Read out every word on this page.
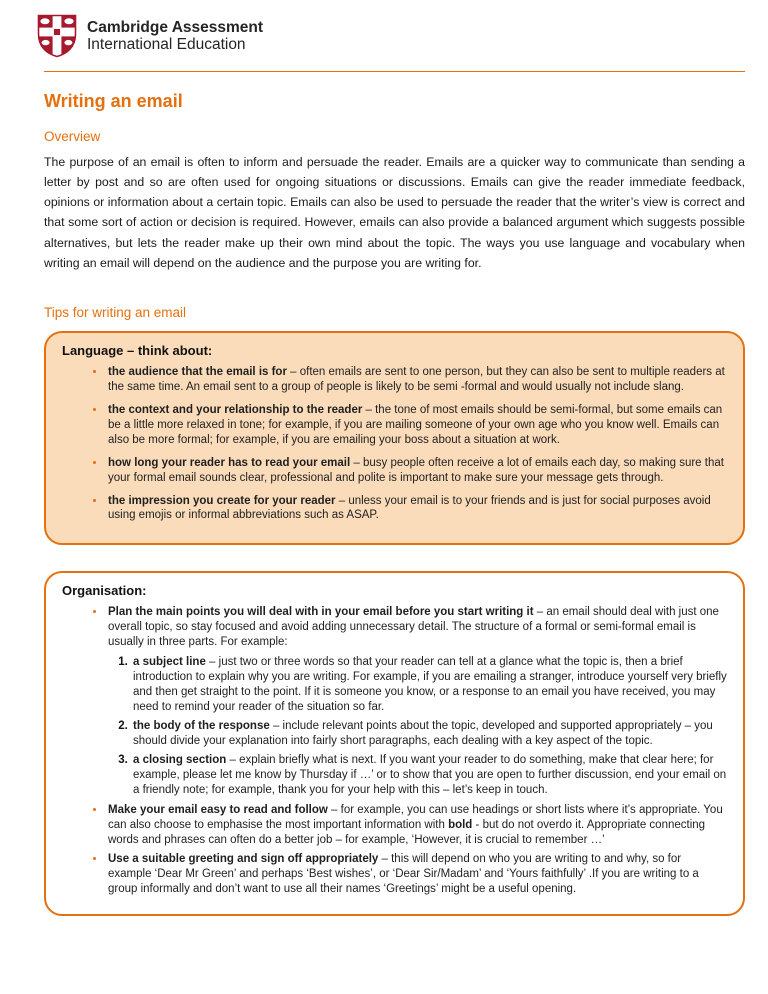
Cambridge Assessment
International Education
Writing an email
Overview

The purpose of an email is often to inform and persuade the reader. Emails are a quicker way to communicate than sending a letter by post and so are often used for ongoing situations or discussions. Emails can give the reader immediate feedback, opinions or information about a certain topic. Emails can also be used to persuade the reader that the writer’s view is correct and that some sort of action or decision is required. However, emails can also provide a balanced argument which suggests possible alternatives, but lets the reader make up their own mind about the topic. The ways you use language and vocabulary when writing an email will depend on the audience and the purpose you are writing for.

Tips for writing an email
Language – think about:
• the audience that the email is for – often emails are sent to one person, but they can also be sent to multiple readers at the same time. An email sent to a group of people is likely to be semi -formal and would usually not include slang.
• the context and your relationship to the reader – the tone of most emails should be semi-formal, but some emails can be a little more relaxed in tone; for example, if you are mailing someone of your own age who you know well. Emails can also be more formal; for example, if you are emailing your boss about a situation at work.
• how long your reader has to read your email – busy people often receive a lot of emails each day, so making sure that your formal email sounds clear, professional and polite is important to make sure your message gets through.
• the impression you create for your reader – unless your email is to your friends and is just for social purposes avoid using emojis or informal abbreviations such as ASAP.
Organisation:
• Plan the main points you will deal with in your email before you start writing it – an email should deal with just one overall topic, so stay focused and avoid adding unnecessary detail. The structure of a formal or semi-formal email is usually in three parts. For example:
1. a subject line – just two or three words so that your reader can tell at a glance what the topic is, then a brief introduction to explain why you are writing. For example, if you are emailing a stranger, introduce yourself very briefly and then get straight to the point. If it is someone you know, or a response to an email you have received, you may need to remind your reader of the situation so far.
2. the body of the response – include relevant points about the topic, developed and supported appropriately – you should divide your explanation into fairly short paragraphs, each dealing with a key aspect of the topic.
3. a closing section – explain briefly what is next. If you want your reader to do something, make that clear here; for example, please let me know by Thursday if …’ or to show that you are open to further discussion, end your email on a friendly note; for example, thank you for your help with this – let’s keep in touch.
• Make your email easy to read and follow – for example, you can use headings or short lists where it’s appropriate. You can also choose to emphasise the most important information with bold - but do not overdo it. Appropriate connecting words and phrases can often do a better job – for example, ‘However, it is crucial to remember …’
• Use a suitable greeting and sign off appropriately – this will depend on who you are writing to and why, so for example ‘Dear Mr Green’ and perhaps ‘Best wishes’, or ‘Dear Sir/Madam’ and ‘Yours faithfully’ .If you are writing to a group informally and don’t want to use all their names ‘Greetings’ might be a useful opening.
